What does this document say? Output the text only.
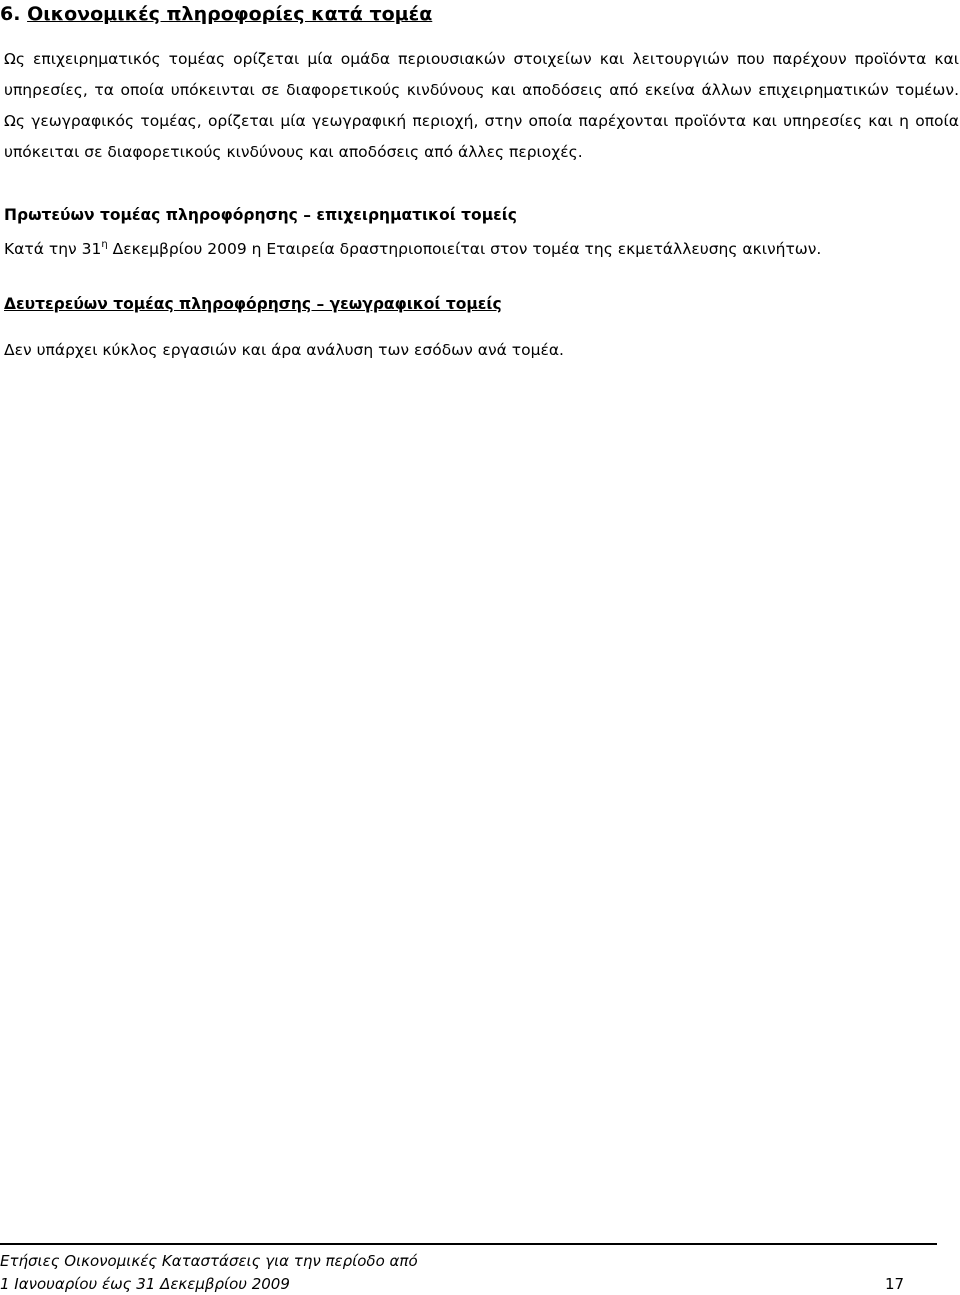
6. Οικονομικές πληροφορίες κατά τομέα

Ως επιχειρηματικός τομέας ορίζεται μία ομάδα περιουσιακών στοιχείων και λειτουργιών που παρέχουν προϊόντα και υπηρεσίες, τα οποία υπόκεινται σε διαφορετικούς κινδύνους και αποδόσεις από εκείνα άλλων επιχειρηματικών τομέων. Ως γεωγραφικός τομέας, ορίζεται μία γεωγραφική περιοχή, στην οποία παρέχονται προϊόντα και υπηρεσίες και η οποία υπόκειται σε διαφορετικούς κινδύνους και αποδόσεις από άλλες περιοχές.

Πρωτεύων τομέας πληροφόρησης – επιχειρηματικοί τομείς

Κατά την $31^\eta$ Δεκεμβρίου 2009 η Εταιρεία δραστηριοποιείται στον τομέα της εκμετάλλευσης ακινήτων.

Δευτερεύων τομέας πληροφόρησης – γεωγραφικοί τομείς

Δεν υπάρχει κύκλος εργασιών και άρα ανάλυση των εσόδων ανά τομέα.

Ετήσιες Οικονομικές Καταστάσεις για την περίοδο από

1 Ιανουαρίου έως 31 Δεκεμβρίου 2009	17
